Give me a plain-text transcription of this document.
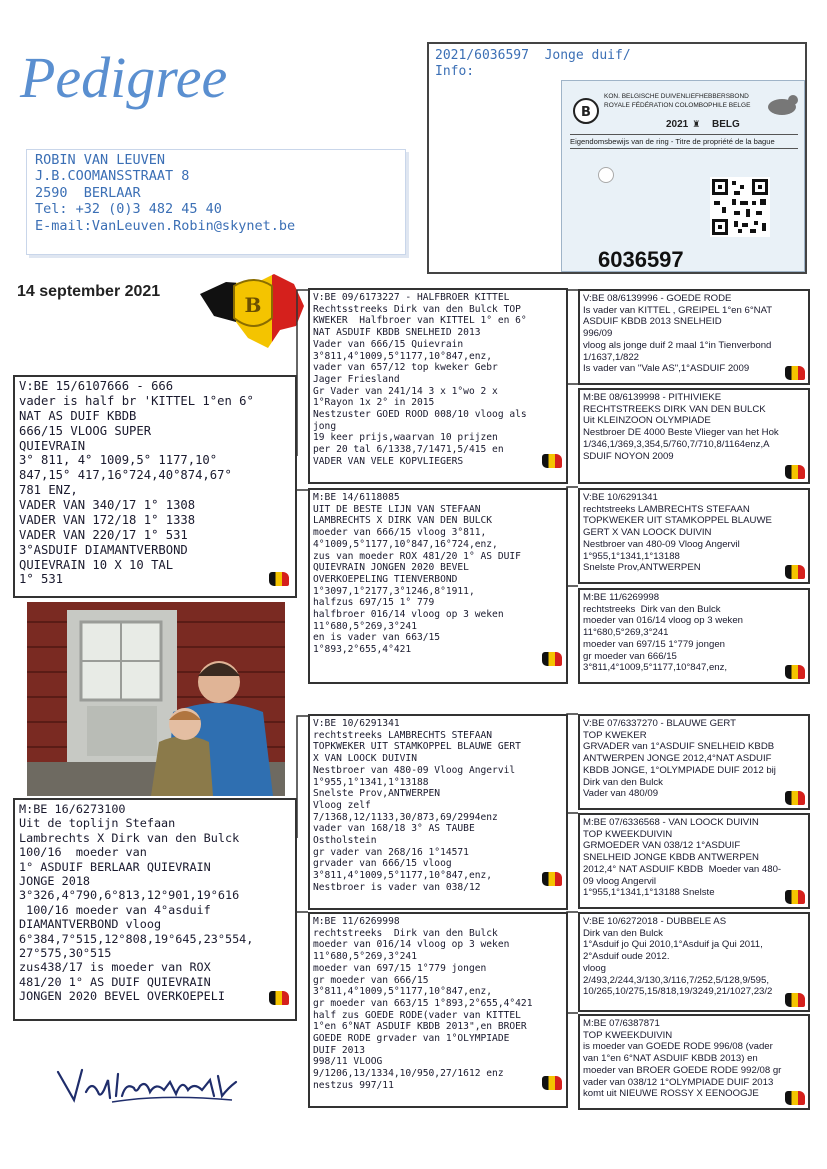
Pedigree
ROBIN VAN LEUVEN
J.B.COOMANSSTRAAT 8
2590  BERLAAR
Tel: +32 (0)3 482 45 40
E-mail:VanLeuven.Robin@skynet.be
2021/6036597  Jonge duif/
Info:
B
KON. BELGISCHE DUIVENLIEFHEBBERSBOND
ROYALE FÉDÉRATION COLOMBOPHILE BELGE
2021 ♜ BELG
Eigendomsbewijs van de ring - Titre de propriété de la bague
6036597
14 september 2021
B
V:BE 15/6107666 - 666
vader is half br 'KITTEL 1°en 6°
NAT AS DUIF KBDB
666/15 VLOOG SUPER
QUIEVRAIN
3° 811, 4° 1009,5° 1177,10°
847,15° 417,16°724,40°874,67°
781 ENZ,
VADER VAN 340/17 1° 1308
VADER VAN 172/18 1° 1338
VADER VAN 220/17 1° 531
3°ASDUIF DIAMANTVERBOND
QUIEVRAIN 10 X 10 TAL
1° 531
M:BE 16/6273100
Uit de toplijn Stefaan
Lambrechts X Dirk van den Bulck
100/16  moeder van
1° ASDUIF BERLAAR QUIEVRAIN
JONGE 2018
3°326,4°790,6°813,12°901,19°616
100/16 moeder van 4°asduif
DIAMANTVERBOND vloog
6°384,7°515,12°808,19°645,23°554,
27°575,30°515
zus438/17 is moeder van ROX
481/20 1° AS DUIF QUIEVRAIN
JONGEN 2020 BEVEL OVERKOEPELI
V:BE 09/6173227 - HALFBROER KITTEL
Rechtsstreeks Dirk van den Bulck TOP
KWEKER  Halfbroer van KITTEL 1° en 6°
NAT ASDUIF KBDB SNELHEID 2013
Vader van 666/15 Quievrain
3°811,4°1009,5°1177,10°847,enz,
vader van 657/12 top kweker Gebr
Jager Friesland
Gr Vader van 241/14 3 x 1°wo 2 x
1°Rayon 1x 2° in 2015
Nestzuster GOED ROOD 008/10 vloog als
jong
19 keer prijs,waarvan 10 prijzen
per 20 tal 6/1338,7/1471,5/415 en
VADER VAN VELE KOPVLIEGERS
M:BE 14/6118085
UIT DE BESTE LIJN VAN STEFAAN
LAMBRECHTS X DIRK VAN DEN BULCK
moeder van 666/15 vloog 3°811,
4°1009,5°1177,10°847,16°724,enz,
zus van moeder ROX 481/20 1° AS DUIF
QUIEVRAIN JONGEN 2020 BEVEL
OVERKOEPELING TIENVERBOND
1°3097,1°2177,3°1246,8°1911,
halfzus 697/15 1° 779
halfbroer 016/14 vloog op 3 weken
11°680,5°269,3°241
en is vader van 663/15
1°893,2°655,4°421
V:BE 10/6291341
rechtstreeks LAMBRECHTS STEFAAN
TOPKWEKER UIT STAMKOPPEL BLAUWE GERT
X VAN LOOCK DUIVIN
Nestbroer van 480-09 Vloog Angervil
1°955,1°1341,1°13188
Snelste Prov,ANTWERPEN
Vloog zelf
7/1368,12/1133,30/873,69/2994enz
vader van 168/18 3° AS TAUBE
Ostholstein
gr vader van 268/16 1°14571
grvader van 666/15 vloog
3°811,4°1009,5°1177,10°847,enz,
Nestbroer is vader van 038/12
M:BE 11/6269998
rechtstreeks  Dirk van den Bulck
moeder van 016/14 vloog op 3 weken
11°680,5°269,3°241
moeder van 697/15 1°779 jongen
gr moeder van 666/15
3°811,4°1009,5°1177,10°847,enz,
gr moeder van 663/15 1°893,2°655,4°421
half zus GOEDE RODE(vader van KITTEL
1°en 6°NAT ASDUIF KBDB 2013",en BROER
GOEDE RODE grvader van 1°OLYMPIADE
DUIF 2013
998/11 VLOOG
9/1206,13/1334,10/950,27/1612 enz
nestzus 997/11
V:BE 08/6139996 - GOEDE RODE
Is vader van KITTEL , GREIPEL 1°en 6°NAT
ASDUIF KBDB 2013 SNELHEID
996/09
vloog als jonge duif 2 maal 1°in Tienverbond
1/1637,1/822
Is vader van "Vale AS",1°ASDUIF 2009
M:BE 08/6139998 - PITHIVIEKE
RECHTSTREEKS DIRK VAN DEN BULCK
Uit KLEINZOON OLYMPIADE
Nestbroer DE 4000 Beste Vlieger van het Hok
1/346,1/369,3,354,5/760,7/710,8/1164enz,A
SDUIF NOYON 2009
V:BE 10/6291341
rechtstreeks LAMBRECHTS STEFAAN
TOPKWEKER UIT STAMKOPPEL BLAUWE
GERT X VAN LOOCK DUIVIN
Nestbroer van 480-09 Vloog Angervil
1°955,1°1341,1°13188
Snelste Prov,ANTWERPEN
M:BE 11/6269998
rechtstreeks  Dirk van den Bulck
moeder van 016/14 vloog op 3 weken
11°680,5°269,3°241
moeder van 697/15 1°779 jongen
gr moeder van 666/15
3°811,4°1009,5°1177,10°847,enz,
V:BE 07/6337270 - BLAUWE GERT
TOP KWEKER
GRVADER van 1°ASDUIF SNELHEID KBDB
ANTWERPEN JONGE 2012,4°NAT ASDUIF
KBDB JONGE, 1°OLYMPIADE DUIF 2012 bij
Dirk van den Bulck
Vader van 480/09
M:BE 07/6336568 - VAN LOOCK DUIVIN
TOP KWEEKDUIVIN
GRMOEDER VAN 038/12 1°ASDUIF
SNELHEID JONGE KBDB ANTWERPEN
2012,4° NAT ASDUIF KBDB  Moeder van 480-
09 vloog Angervil
1°955,1°1341,1°13188 Snelste
V:BE 10/6272018 - DUBBELE AS
Dirk van den Bulck
1°Asduif jo Qui 2010,1°Asduif ja Qui 2011,
2°Asduif oude 2012.
vloog
2/493,2/244,3/130,3/116,7/252,5/128,9/595,
10/265,10/275,15/818,19/3249,21/1027,23/2
M:BE 07/6387871
TOP KWEEKDUIVIN
is moeder van GOEDE RODE 996/08 (vader
van 1°en 6°NAT ASDUIF KBDB 2013) en
moeder van BROER GOEDE RODE 992/08 gr
vader van 038/12 1°OLYMPIADE DUIF 2013
komt uit NIEUWE ROSSY X EENOOGJE
